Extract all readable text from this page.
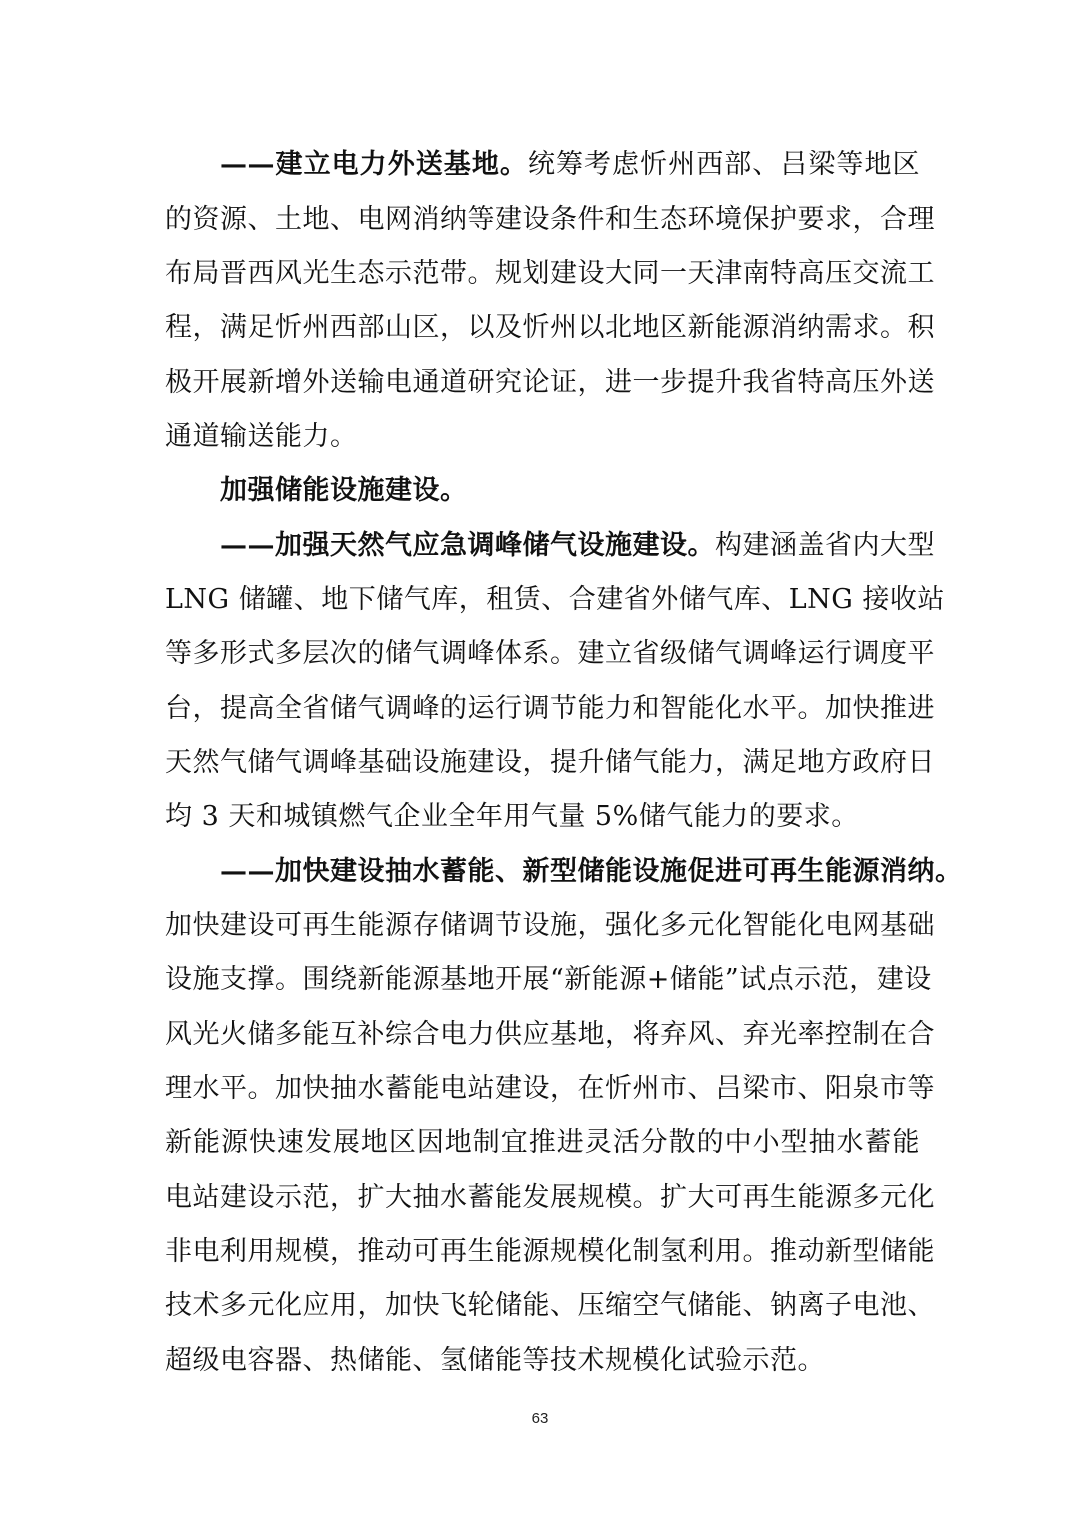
——建立电力外送基地。统筹考虑忻州西部、吕梁等地区
的资源、土地、电网消纳等建设条件和生态环境保护要求，合理
布局晋西风光生态示范带。规划建设大同一天津南特高压交流工
程，满足忻州西部山区，以及忻州以北地区新能源消纳需求。积
极开展新增外送输电通道研究论证，进一步提升我省特高压外送
通道输送能力。
加强储能设施建设。
——加强天然气应急调峰储气设施建设。构建涵盖省内大型
LNG 储罐、地下储气库，租赁、合建省外储气库、LNG 接收站
等多形式多层次的储气调峰体系。建立省级储气调峰运行调度平
台，提高全省储气调峰的运行调节能力和智能化水平。加快推进
天然气储气调峰基础设施建设，提升储气能力，满足地方政府日
均 3 天和城镇燃气企业全年用气量 5%储气能力的要求。
——加快建设抽水蓄能、新型储能设施促进可再生能源消纳。
加快建设可再生能源存储调节设施，强化多元化智能化电网基础
设施支撑。围绕新能源基地开展“新能源+储能”试点示范，建设
风光火储多能互补综合电力供应基地，将弃风、弃光率控制在合
理水平。加快抽水蓄能电站建设，在忻州市、吕梁市、阳泉市等
新能源快速发展地区因地制宜推进灵活分散的中小型抽水蓄能
电站建设示范，扩大抽水蓄能发展规模。扩大可再生能源多元化
非电利用规模，推动可再生能源规模化制氢利用。推动新型储能
技术多元化应用，加快飞轮储能、压缩空气储能、钠离子电池、
超级电容器、热储能、氢储能等技术规模化试验示范。
63
